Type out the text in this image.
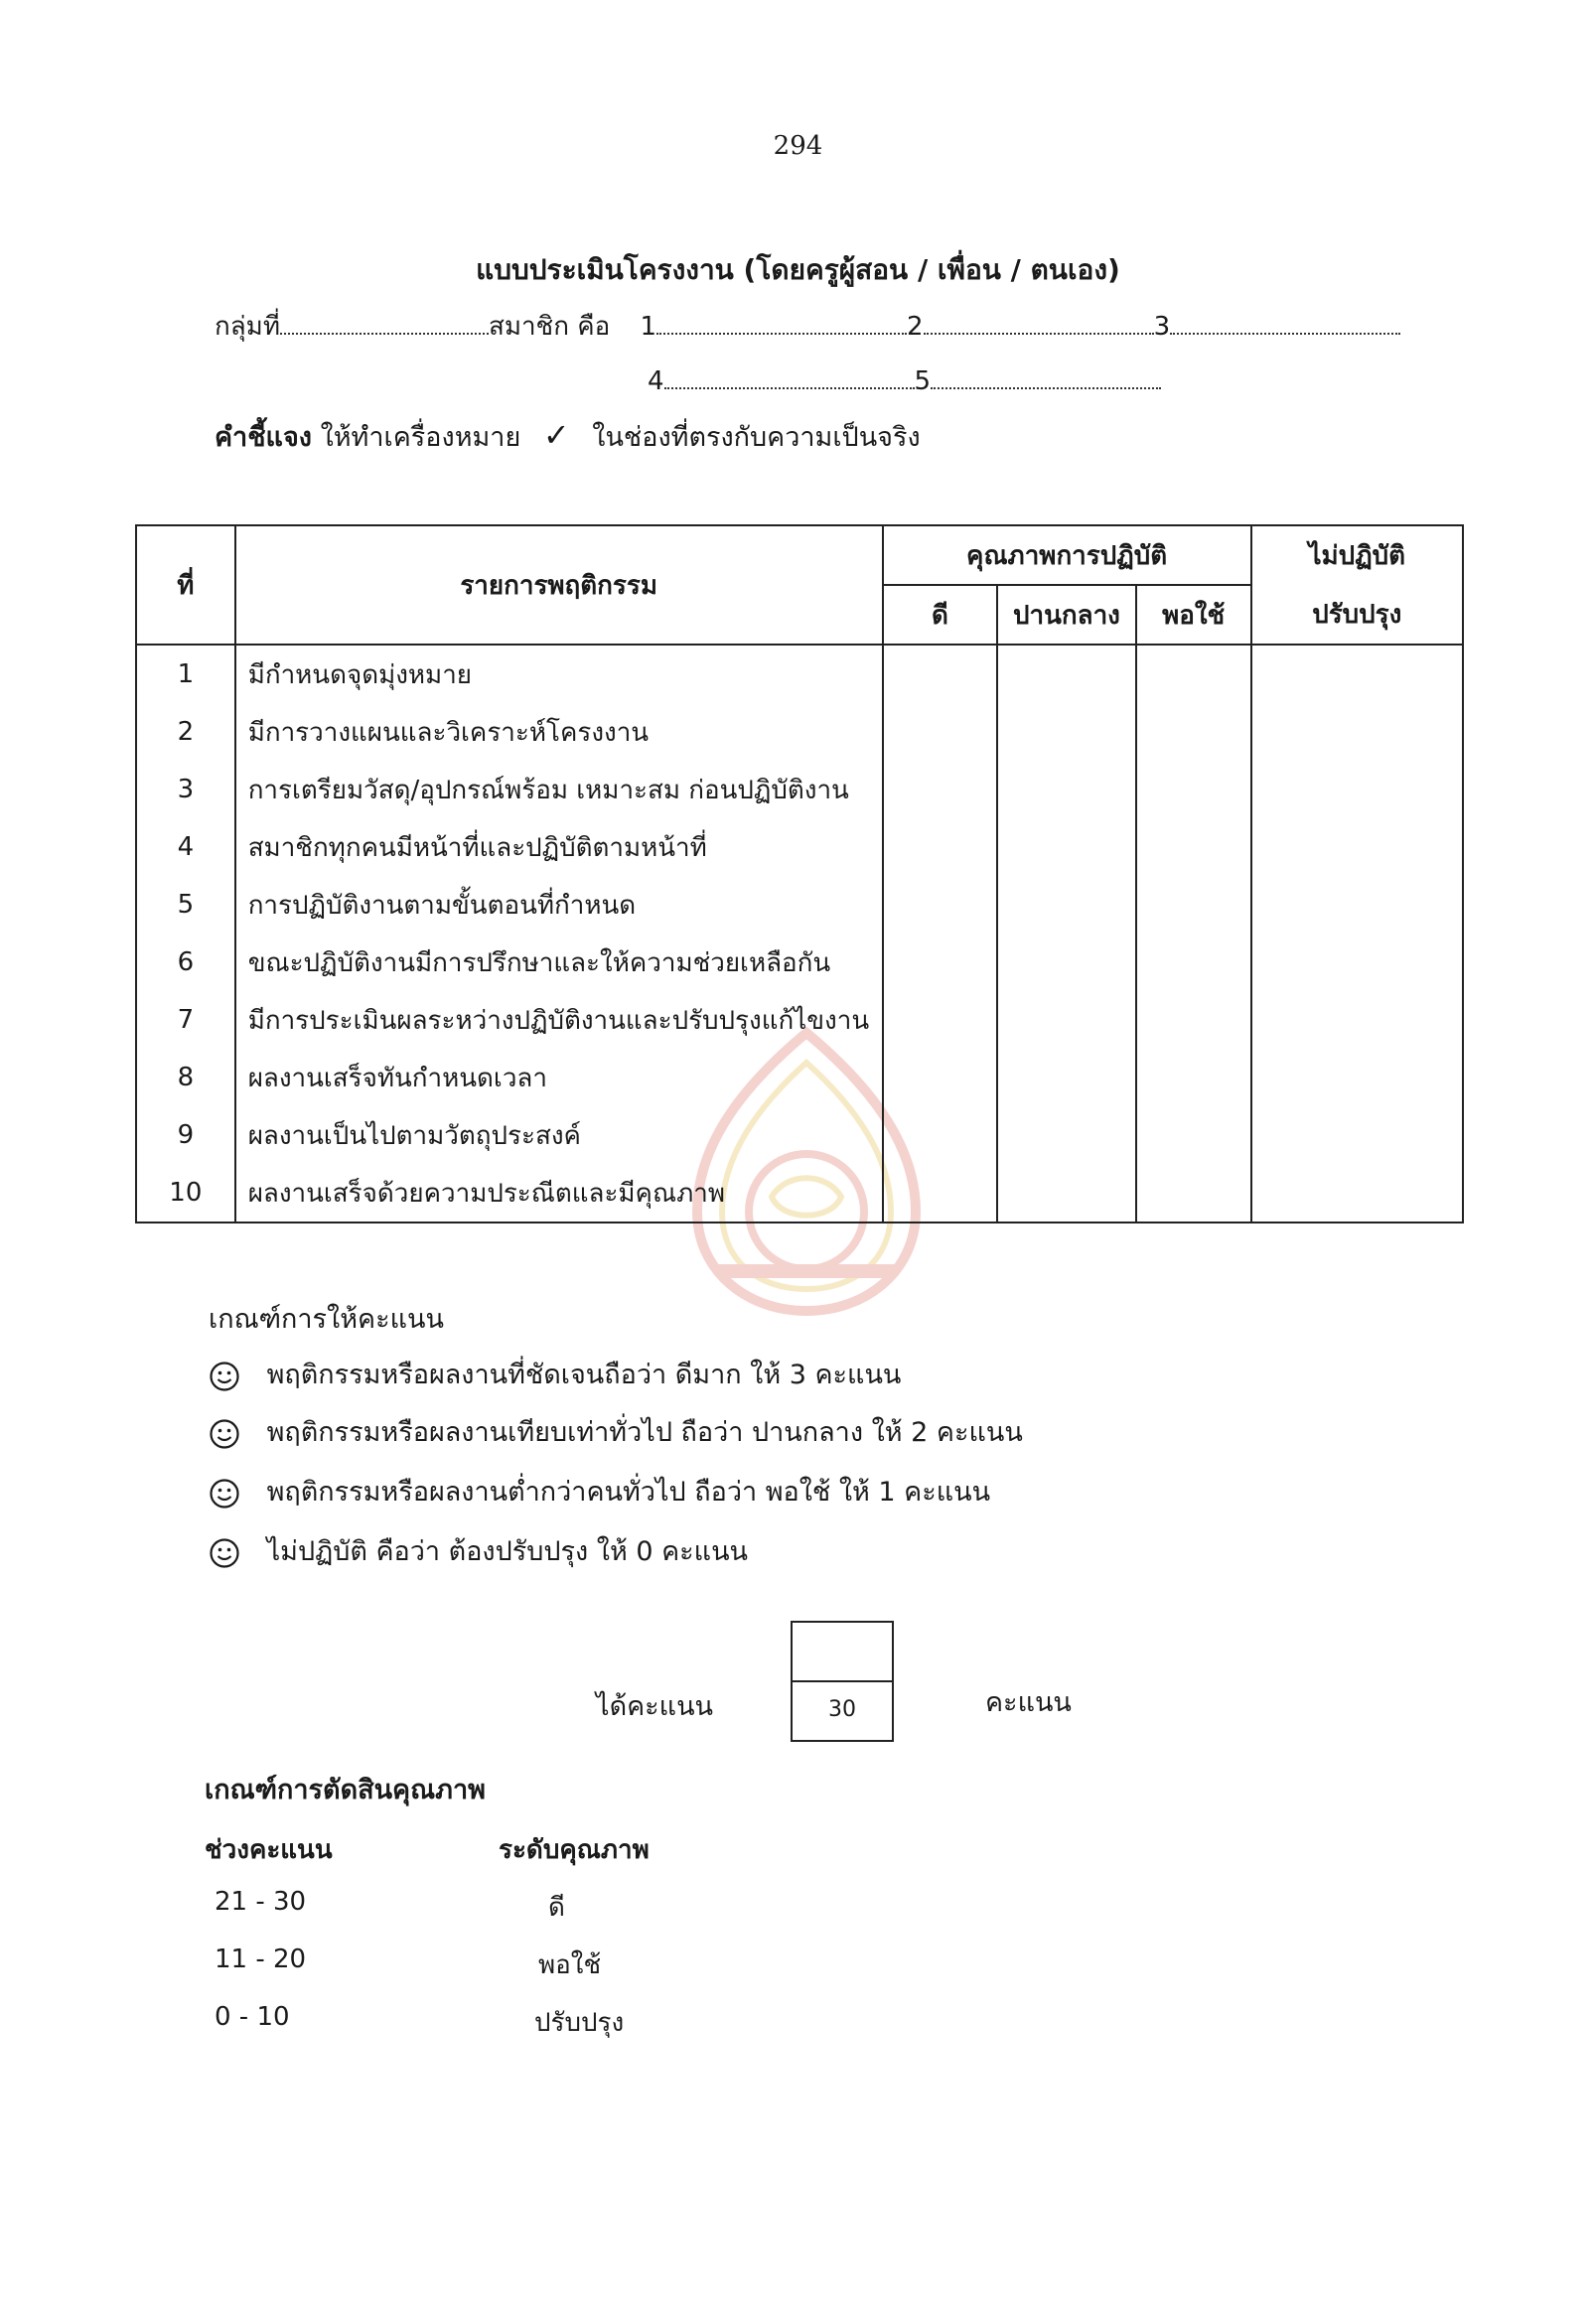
294
แบบประเมินโครงงาน (โดยครูผู้สอน / เพื่อน / ตนเอง)
กลุ่มที่	สมาชิก คือ 1	2	3
4	5
คำชี้แจง ให้ทำเครื่องหมาย ✓ ในช่องที่ตรงกับความเป็นจริง
ที่	รายการพฤติกรรม	คุณภาพการปฏิบัติ			ไม่ปฏิบัติ
		ดี	ปานกลาง	พอใช้	ปรับปรุง
1	มีกำหนดจุดมุ่งหมาย				
2	มีการวางแผนและวิเคราะห์โครงงาน				
3	การเตรียมวัสดุ/อุปกรณ์พร้อม เหมาะสม ก่อนปฏิบัติงาน				
4	สมาชิกทุกคนมีหน้าที่และปฏิบัติตามหน้าที่				
5	การปฏิบัติงานตามขั้นตอนที่กำหนด				
6	ขณะปฏิบัติงานมีการปรึกษาและให้ความช่วยเหลือกัน				
7	มีการประเมินผลระหว่างปฏิบัติงานและปรับปรุงแก้ไขงาน				
8	ผลงานเสร็จทันกำหนดเวลา				
9	ผลงานเป็นไปตามวัตถุประสงค์				
10	ผลงานเสร็จด้วยความประณีตและมีคุณภาพ				
เกณฑ์การให้คะแนน
พฤติกรรมหรือผลงานที่ชัดเจนถือว่า ดีมาก ให้ 3 คะแนน
พฤติกรรมหรือผลงานเทียบเท่าทั่วไป ถือว่า ปานกลาง ให้ 2 คะแนน
พฤติกรรมหรือผลงานต่ำกว่าคนทั่วไป ถือว่า พอใช้ ให้ 1 คะแนน
ไม่ปฏิบัติ คือว่า ต้องปรับปรุง ให้ 0 คะแนน
ได้คะแนน	30	คะแนน
เกณฑ์การตัดสินคุณภาพ
ช่วงคะแนน	ระดับคุณภาพ
21 - 30	ดี
11 - 20	พอใช้
0 - 10	ปรับปรุง
